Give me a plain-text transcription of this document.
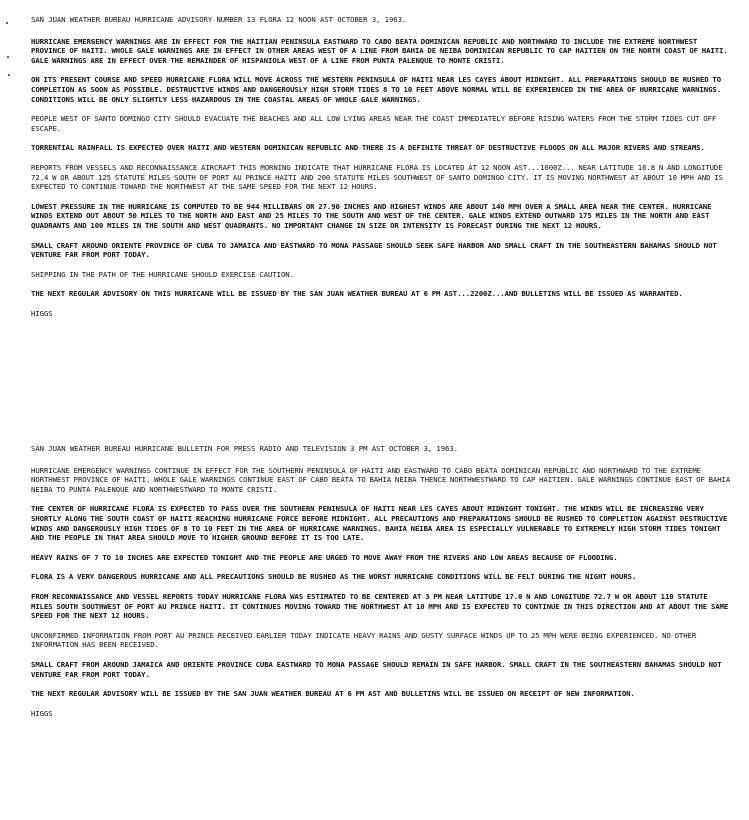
SAN JUAN WEATHER BUREAU HURRICANE ADVISORY NUMBER 13 FLORA 12 NOON AST OCTOBER 3, 1963.

HURRICANE EMERGENCY WARNINGS ARE IN EFFECT FOR THE HAITIAN PENINSULA EASTWARD TO CABO BEATA DOMINICAN REPUBLIC AND NORTHWARD TO INCLUDE THE EXTREME NORTHWEST PROVINCE OF HAITI. WHOLE GALE WARNINGS ARE IN EFFECT IN OTHER AREAS WEST OF A LINE FROM BAHIA DE NEIBA DOMINICAN REPUBLIC TO CAP HAITIEN ON THE NORTH COAST OF HAITI. GALE WARNINGS ARE IN EFFECT OVER THE REMAINDER OF HISPANIOLA WEST OF A LINE FROM PUNTA PALENQUE TO MONTE CRISTI.

ON ITS PRESENT COURSE AND SPEED HURRICANE FLORA WILL MOVE ACROSS THE WESTERN PENINSULA OF HAITI NEAR LES CAYES ABOUT MIDNIGHT. ALL PREPARATIONS SHOULD BE RUSHED TO COMPLETION AS SOON AS POSSIBLE. DESTRUCTIVE WINDS AND DANGEROUSLY HIGH STORM TIDES 8 TO 10 FEET ABOVE NORMAL WILL BE EXPERIENCED IN THE AREA OF HURRICANE WARNINGS. CONDITIONS WILL BE ONLY SLIGHTLY LESS HAZARDOUS IN THE COASTAL AREAS OF WHOLE GALE WARNINGS.

PEOPLE WEST OF SANTO DOMINGO CITY SHOULD EVACUATE THE BEACHES AND ALL LOW LYING AREAS NEAR THE COAST IMMEDIATELY BEFORE RISING WATERS FROM THE STORM TIDES CUT OFF ESCAPE.

TORRENTIAL RAINFALL IS EXPECTED OVER HAITI AND WESTERN DOMINICAN REPUBLIC AND THERE IS A DEFINITE THREAT OF DESTRUCTIVE FLOODS ON ALL MAJOR RIVERS AND STREAMS.

REPORTS FROM VESSELS AND RECONNAISSANCE AIRCRAFT THIS MORNING INDICATE THAT HURRICANE FLORA IS LOCATED AT 12 NOON AST...1600Z... NEAR LATITUDE 16.8 N AND LONGITUDE 72.4 W OR ABOUT 125 STATUTE MILES SOUTH OF PORT AU PRINCE HAITI AND 200 STATUTE MILES SOUTHWEST OF SANTO DOMINGO CITY. IT IS MOVING NORTHWEST AT ABOUT 10 MPH AND IS EXPECTED TO CONTINUE TOWARD THE NORTHWEST AT THE SAME SPEED FOR THE NEXT 12 HOURS.

LOWEST PRESSURE IN THE HURRICANE IS COMPUTED TO BE 944 MILLIBARS OR 27.90 INCHES AND HIGHEST WINDS ARE ABOUT 140 MPH OVER A SMALL AREA NEAR THE CENTER. HURRICANE WINDS EXTEND OUT ABOUT 50 MILES TO THE NORTH AND EAST AND 25 MILES TO THE SOUTH AND WEST OF THE CENTER. GALE WINDS EXTEND OUTWARD 175 MILES IN THE NORTH AND EAST QUADRANTS AND 100 MILES IN THE SOUTH AND WEST QUADRANTS. NO IMPORTANT CHANGE IN SIZE OR INTENSITY IS FORECAST DURING THE NEXT 12 HOURS.

SMALL CRAFT AROUND ORIENTE PROVINCE OF CUBA TO JAMAICA AND EASTWARD TO MONA PASSAGE SHOULD SEEK SAFE HARBOR AND SMALL CRAFT IN THE SOUTHEASTERN BAHAMAS SHOULD NOT VENTURE FAR FROM PORT TODAY.

SHIPPING IN THE PATH OF THE HURRICANE SHOULD EXERCISE CAUTION.

THE NEXT REGULAR ADVISORY ON THIS HURRICANE WILL BE ISSUED BY THE SAN JUAN WEATHER BUREAU AT 6 PM AST...2200Z...AND BULLETINS WILL BE ISSUED AS WARRANTED.

HIGGS

SAN JUAN WEATHER BUREAU HURRICANE BULLETIN FOR PRESS RADIO AND TELEVISION 3 PM AST OCTOBER 3, 1963.

HURRICANE EMERGENCY WARNINGS CONTINUE IN EFFECT FOR THE SOUTHERN PENINSULA OF HAITI AND EASTWARD TO CABO BEATA DOMINICAN REPUBLIC AND NORTHWARD TO THE EXTREME NORTHWEST PROVINCE OF HAITI. WHOLE GALE WARNINGS CONTINUE EAST OF CABO BEATA TO BAHIA NEIBA THENCE NORTHWESTWARD TO CAP HAITIEN. GALE WARNINGS CONTINUE EAST OF BAHIA NEIBA TO PUNTA PALENQUE AND NORTHWESTWARD TO MONTE CRISTI.

THE CENTER OF HURRICANE FLORA IS EXPECTED TO PASS OVER THE SOUTHERN PENINSULA OF HAITI NEAR LES CAYES ABOUT MIDNIGHT TONIGHT. THE WINDS WILL BE INCREASING VERY SHORTLY ALONG THE SOUTH COAST OF HAITI REACHING HURRICANE FORCE BEFORE MIDNIGHT. ALL PRECAUTIONS AND PREPARATIONS SHOULD BE RUSHED TO COMPLETION AGAINST DESTRUCTIVE WINDS AND DANGEROUSLY HIGH TIDES OF 8 TO 10 FEET IN THE AREA OF HURRICANE WARNINGS. BAHIA NEIBA AREA IS ESPECIALLY VULNERABLE TO EXTREMELY HIGH STORM TIDES TONIGHT AND THE PEOPLE IN THAT AREA SHOULD MOVE TO HIGHER GROUND BEFORE IT IS TOO LATE.

HEAVY RAINS OF 7 TO 10 INCHES ARE EXPECTED TONIGHT AND THE PEOPLE ARE URGED TO MOVE AWAY FROM THE RIVERS AND LOW AREAS BECAUSE OF FLOODING.

FLORA IS A VERY DANGEROUS HURRICANE AND ALL PRECAUTIONS SHOULD BE RUSHED AS THE WORST HURRICANE CONDITIONS WILL BE FELT DURING THE NIGHT HOURS.

FROM RECONNAISSANCE AND VESSEL REPORTS TODAY HURRICANE FLORA WAS ESTIMATED TO BE CENTERED AT 3 PM NEAR LATITUDE 17.0 N AND LONGITUDE 72.7 W OR ABOUT 110 STATUTE MILES SOUTH SOUTHWEST OF PORT AU PRINCE HAITI. IT CONTINUES MOVING TOWARD THE NORTHWEST AT 10 MPH AND IS EXPECTED TO CONTINUE IN THIS DIRECTION AND AT ABOUT THE SAME SPEED FOR THE NEXT 12 HOURS.

UNCONFIRMED INFORMATION FROM PORT AU PRINCE RECEIVED EARLIER TODAY INDICATE HEAVY RAINS AND GUSTY SURFACE WINDS UP TO 25 MPH WERE BEING EXPERIENCED. NO OTHER INFORMATION HAS BEEN RECEIVED.

SMALL CRAFT FROM AROUND JAMAICA AND ORIENTE PROVINCE CUBA EASTWARD TO MONA PASSAGE SHOULD REMAIN IN SAFE HARBOR. SMALL CRAFT IN THE SOUTHEASTERN BAHAMAS SHOULD NOT VENTURE FAR FROM PORT TODAY.

THE NEXT REGULAR ADVISORY WILL BE ISSUED BY THE SAN JUAN WEATHER BUREAU AT 6 PM AST AND BULLETINS WILL BE ISSUED ON RECEIPT OF NEW INFORMATION.

HIGGS
